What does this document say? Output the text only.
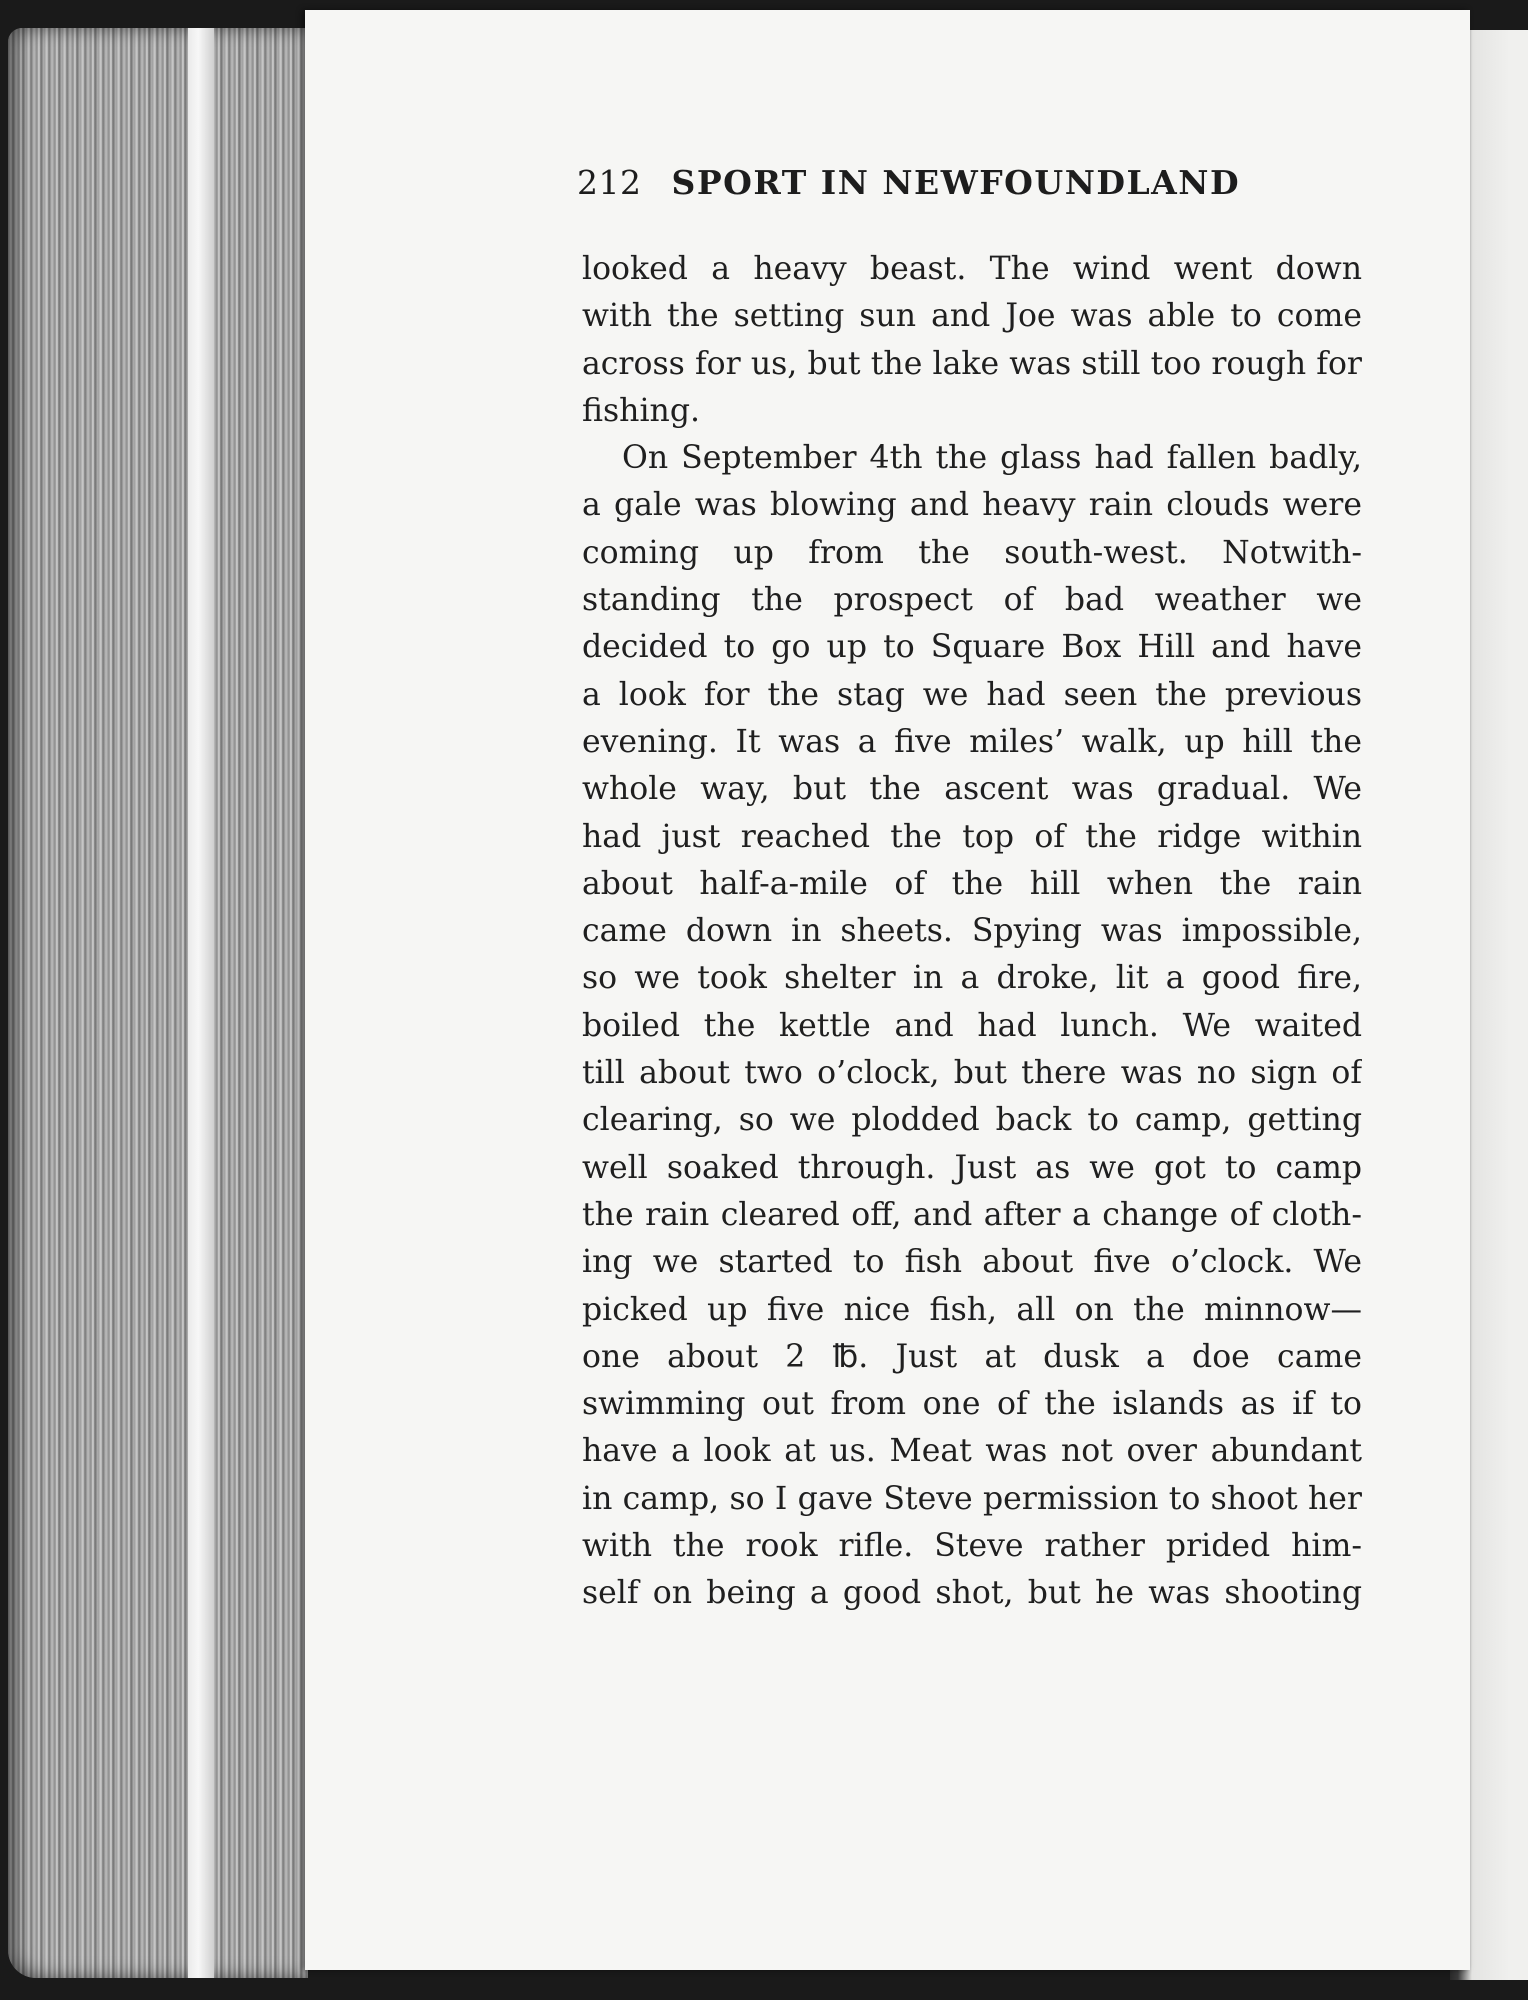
212 SPORT IN NEWFOUNDLAND
looked a heavy beast. The wind went down
with the setting sun and Joe was able to come
across for us, but the lake was still too rough for
fishing.
On September 4th the glass had fallen badly,
a gale was blowing and heavy rain clouds were
coming up from the south-west. Notwith-
standing the prospect of bad weather we
decided to go up to Square Box Hill and have
a look for the stag we had seen the previous
evening. It was a five miles’ walk, up hill the
whole way, but the ascent was gradual. We
had just reached the top of the ridge within
about half-a-mile of the hill when the rain
came down in sheets. Spying was impossible,
so we took shelter in a droke, lit a good fire,
boiled the kettle and had lunch. We waited
till about two o’clock, but there was no sign of
clearing, so we plodded back to camp, getting
well soaked through. Just as we got to camp
the rain cleared off, and after a change of cloth-
ing we started to fish about five o’clock. We
picked up five nice fish, all on the minnow—
one about 2 ℔. Just at dusk a doe came
swimming out from one of the islands as if to
have a look at us. Meat was not over abundant
in camp, so I gave Steve permission to shoot her
with the rook rifle. Steve rather prided him-
self on being a good shot, but he was shooting
